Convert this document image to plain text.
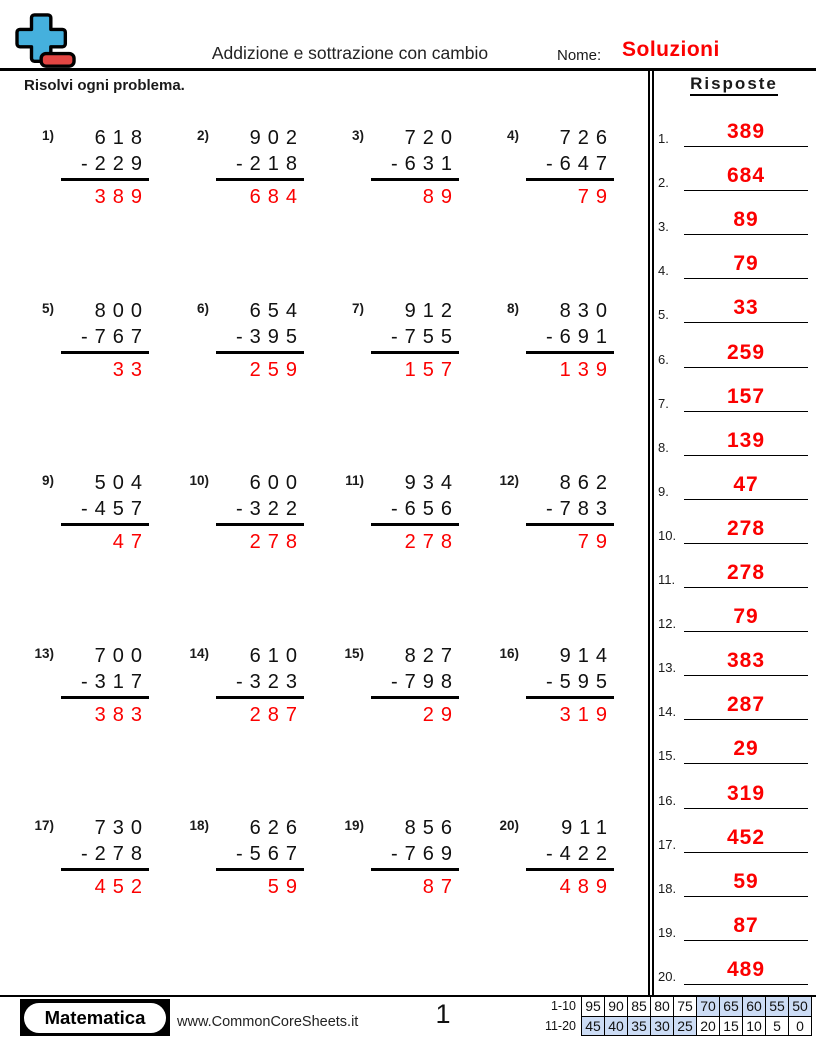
Addizione e sottrazione con cambio	Nome: Soluzioni
Risolvi ogni problema.
1)	618
-229
389
2)	902
-218
684
3)	720
-631
89
4)	726
-647
79
5)	800
-767
33
6)	654
-395
259
7)	912
-755
157
8)	830
-691
139
9)	504
-457
47
10)	600
-322
278
11)	934
-656
278
12)	862
-783
79
13)	700
-317
383
14)	610
-323
287
15)	827
-798
29
16)	914
-595
319
17)	730
-278
452
18)	626
-567
59
19)	856
-769
87
20)	911
-422
489
Risposte
1.	389
2.	684
3.	89
4.	79
5.	33
6.	259
7.	157
8.	139
9.	47
10.	278
11.	278
12.	79
13.	383
14.	287
15.	29
16.	319
17.	452
18.	59
19.	87
20.	489
Matematica	www.CommonCoreSheets.it	1	1-10	95	90	85	80	75	70	65	60	55	50
11-20	45	40	35	30	25	20	15	10	5	0
